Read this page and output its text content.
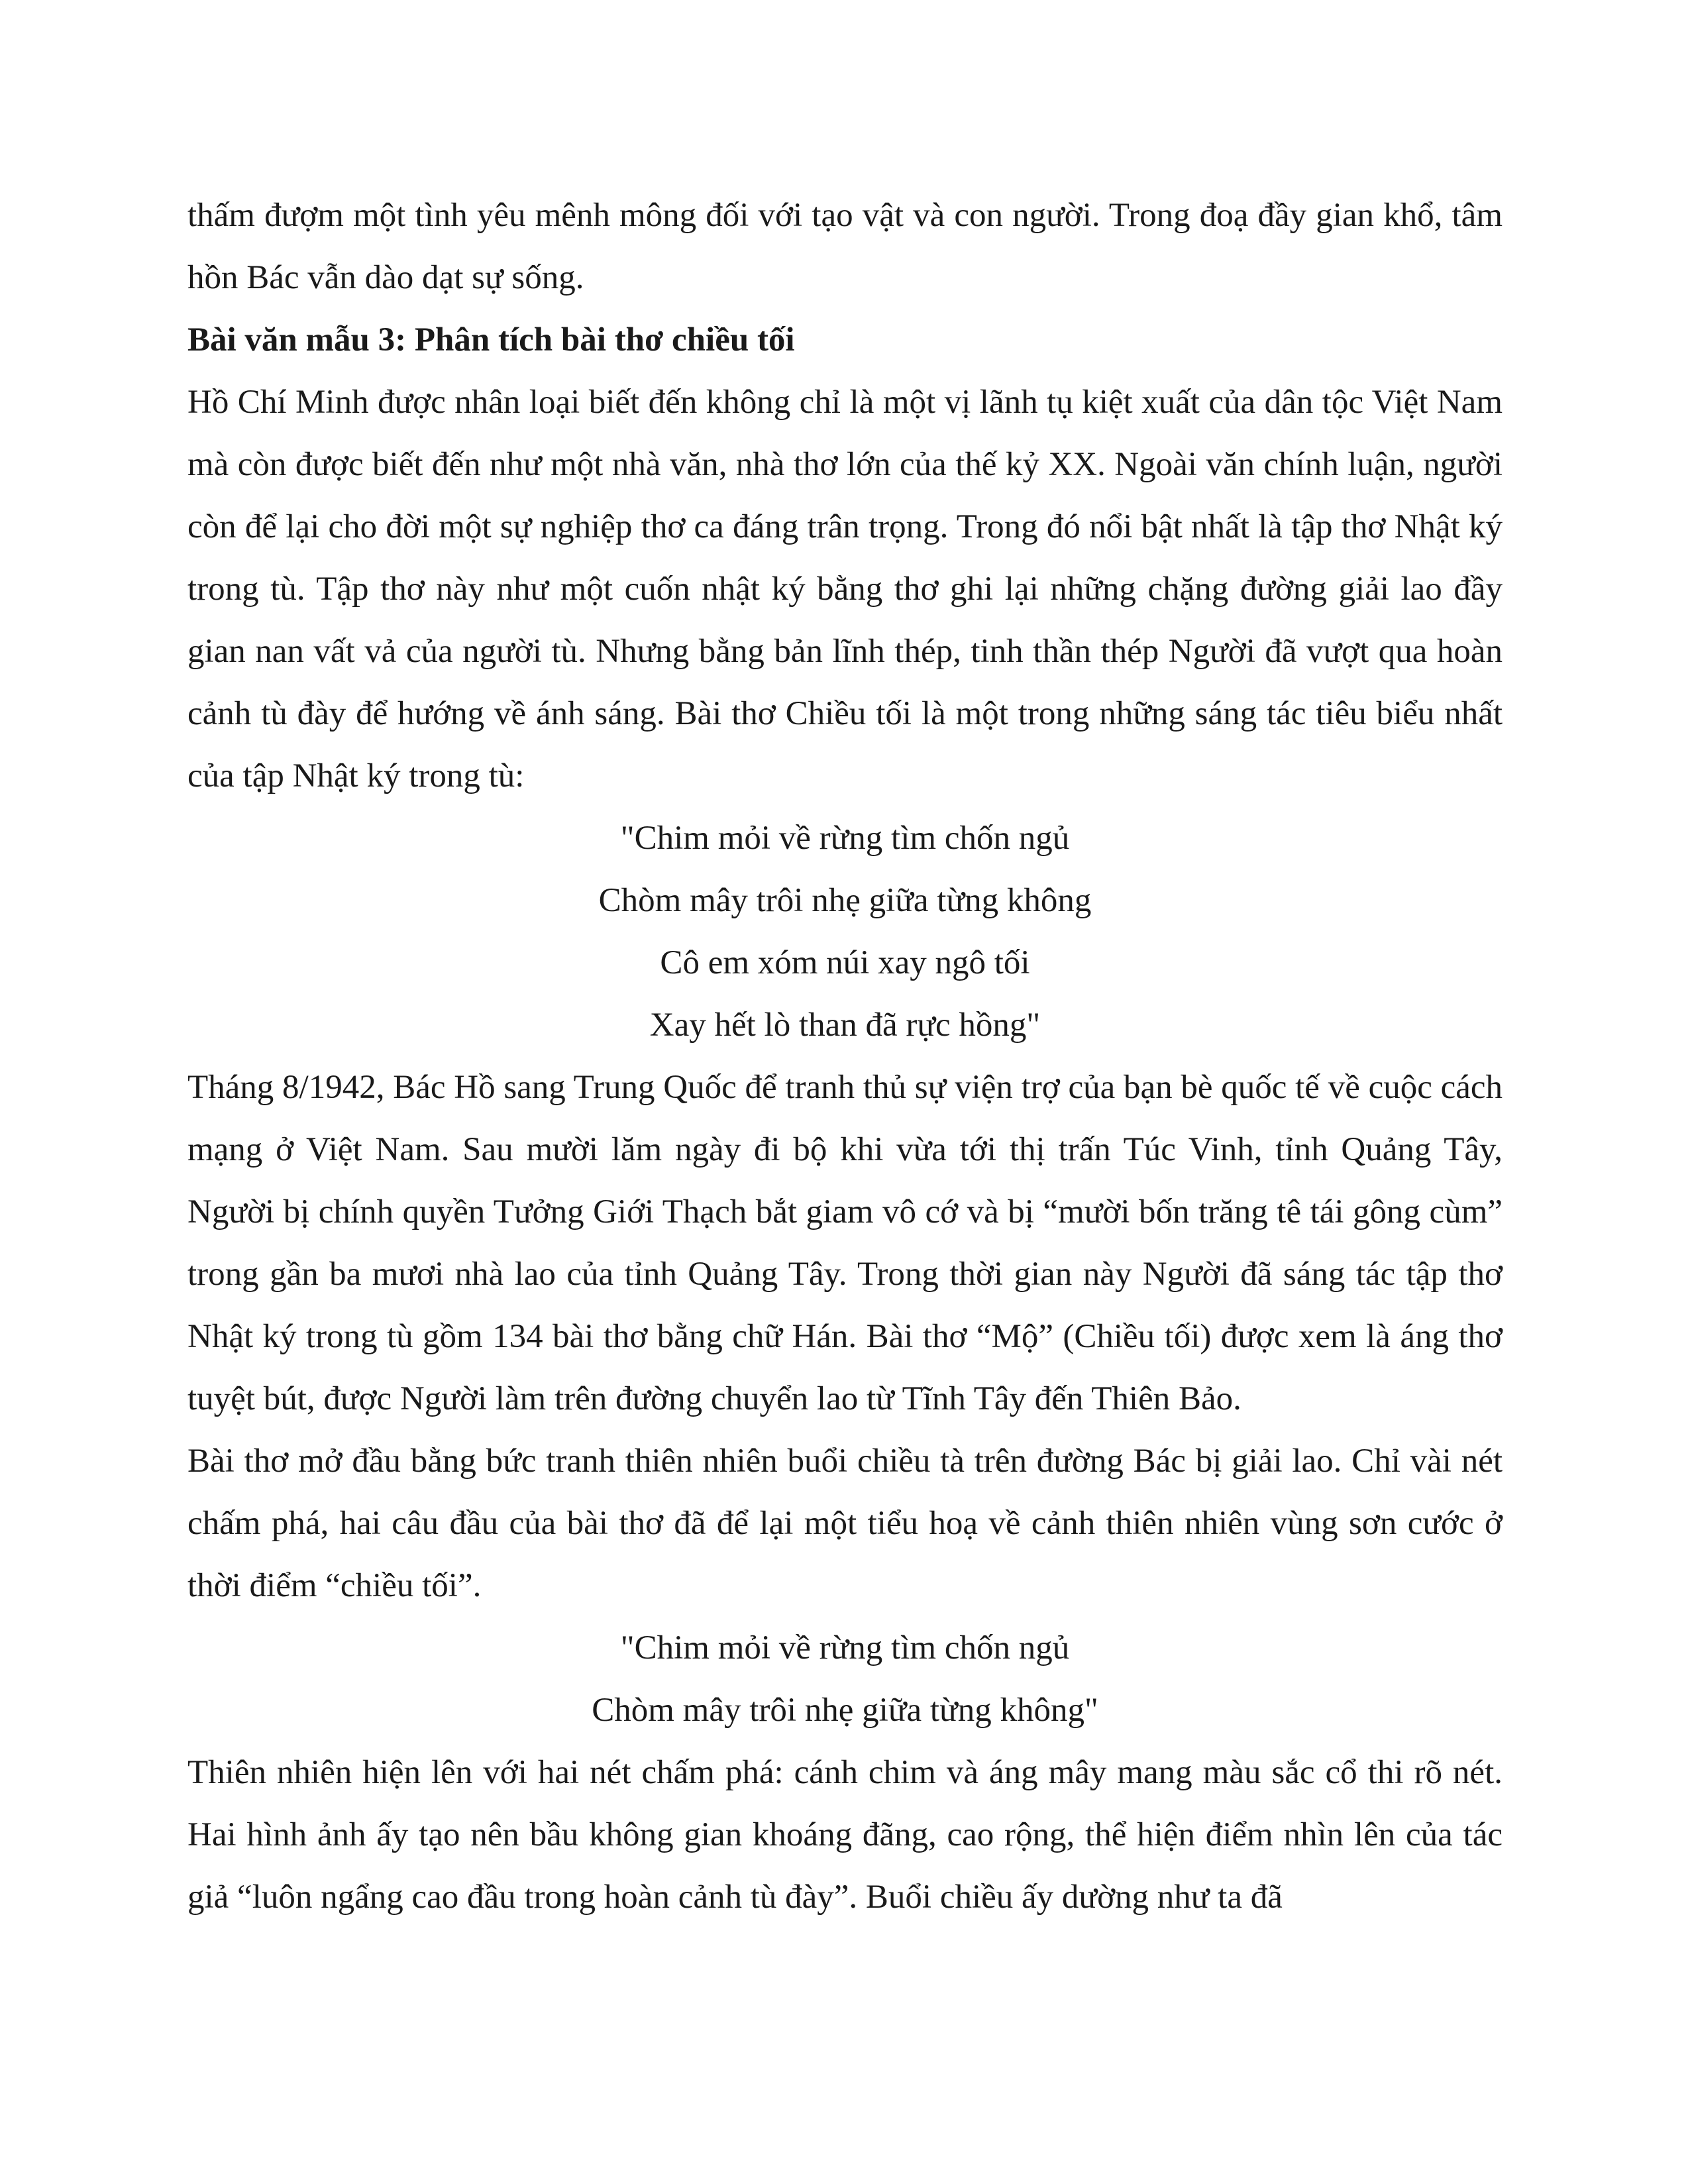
thấm đượm một tình yêu mênh mông đối với tạo vật và con người. Trong đoạ đầy gian khổ, tâm hồn Bác vẫn dào dạt sự sống.

Bài văn mẫu 3: Phân tích bài thơ chiều tối

Hồ Chí Minh được nhân loại biết đến không chỉ là một vị lãnh tụ kiệt xuất của dân tộc Việt Nam mà còn được biết đến như một nhà văn, nhà thơ lớn của thế kỷ XX. Ngoài văn chính luận, người còn để lại cho đời một sự nghiệp thơ ca đáng trân trọng. Trong đó nổi bật nhất là tập thơ Nhật ký trong tù. Tập thơ này như một cuốn nhật ký bằng thơ ghi lại những chặng đường giải lao đầy gian nan vất vả của người tù. Nhưng bằng bản lĩnh thép, tinh thần thép Người đã vượt qua hoàn cảnh tù đày để hướng về ánh sáng. Bài thơ Chiều tối là một trong những sáng tác tiêu biểu nhất của tập Nhật ký trong tù:

"Chim mỏi về rừng tìm chốn ngủ

Chòm mây trôi nhẹ giữa từng không

Cô em xóm núi xay ngô tối

Xay hết lò than đã rực hồng"

Tháng 8/1942, Bác Hồ sang Trung Quốc để tranh thủ sự viện trợ của bạn bè quốc tế về cuộc cách mạng ở Việt Nam. Sau mười lăm ngày đi bộ khi vừa tới thị trấn Túc Vinh, tỉnh Quảng Tây, Người bị chính quyền Tưởng Giới Thạch bắt giam vô cớ và bị “mười bốn trăng tê tái gông cùm” trong gần ba mươi nhà lao của tỉnh Quảng Tây. Trong thời gian này Người đã sáng tác tập thơ Nhật ký trong tù gồm 134 bài thơ bằng chữ Hán. Bài thơ “Mộ” (Chiều tối) được xem là áng thơ tuyệt bút, được Người làm trên đường chuyển lao từ Tĩnh Tây đến Thiên Bảo.

Bài thơ mở đầu bằng bức tranh thiên nhiên buổi chiều tà trên đường Bác bị giải lao. Chỉ vài nét chấm phá, hai câu đầu của bài thơ đã để lại một tiểu hoạ về cảnh thiên nhiên vùng sơn cước ở thời điểm “chiều tối”.

"Chim mỏi về rừng tìm chốn ngủ

Chòm mây trôi nhẹ giữa từng không"

Thiên nhiên hiện lên với hai nét chấm phá: cánh chim và áng mây mang màu sắc cổ thi rõ nét. Hai hình ảnh ấy tạo nên bầu không gian khoáng đãng, cao rộng, thể hiện điểm nhìn lên của tác giả “luôn ngẩng cao đầu trong hoàn cảnh tù đày”. Buổi chiều ấy dường như ta đã
